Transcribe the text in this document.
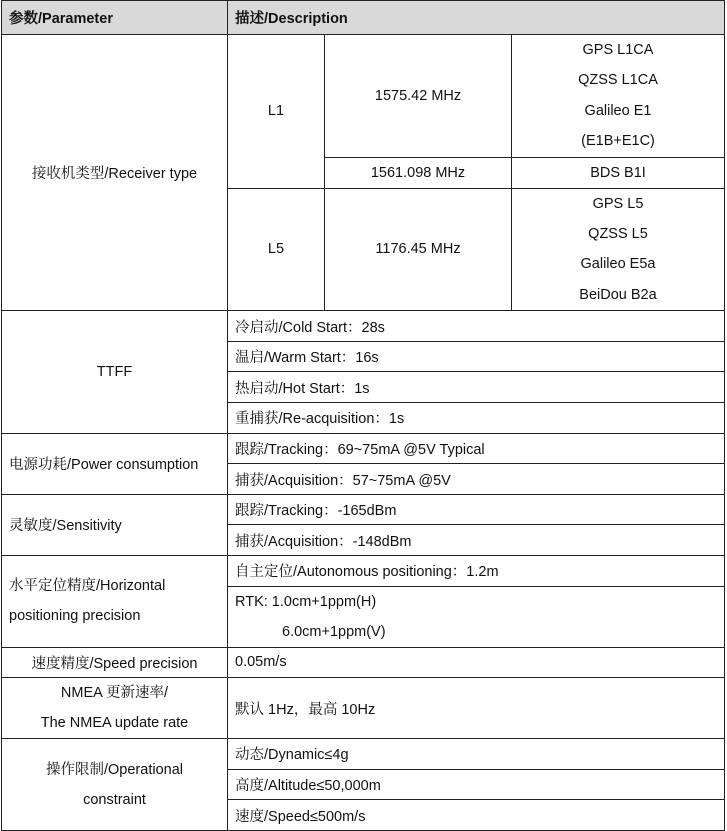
参数/Parameter	描述/Description		
接收机类型/Receiver type	L1	1575.42 MHz	GPS L1CA
QZSS L1CA
Galileo E1
(E1B+E1C)

		1561.098 MHz	BDS B1I
	L5	1176.45 MHz	GPS L5
QZSS L5
Galileo E5a
BeiDou B2a

TTFF	冷启动/Cold Start：28s		
	温启/Warm Start：16s		
	热启动/Hot Start：1s		
	重捕获/Re-acquisition：1s		
电源功耗/Power consumption	跟踪/Tracking：69~75mA @5V Typical		
	捕获/Acquisition：57~75mA @5V		
灵敏度/Sensitivity	跟踪/Tracking：-165dBm		
	捕获/Acquisition：-148dBm		

水平定位精度/Horizontal
positioning precision	自主定位/Autonomous positioning：1.2m		

	RTK: 1.0cm+1ppm(H)
6.0cm+1ppm(V)		

速度精度/Speed precision	0.05m/s		

NMEA 更新速率/
The NMEA update rate	默认 1Hz，最高 10Hz		

操作限制/Operational
constraint	动态/Dynamic≤4g		
	高度/Altitude≤50,000m		
	速度/Speed≤500m/s		
